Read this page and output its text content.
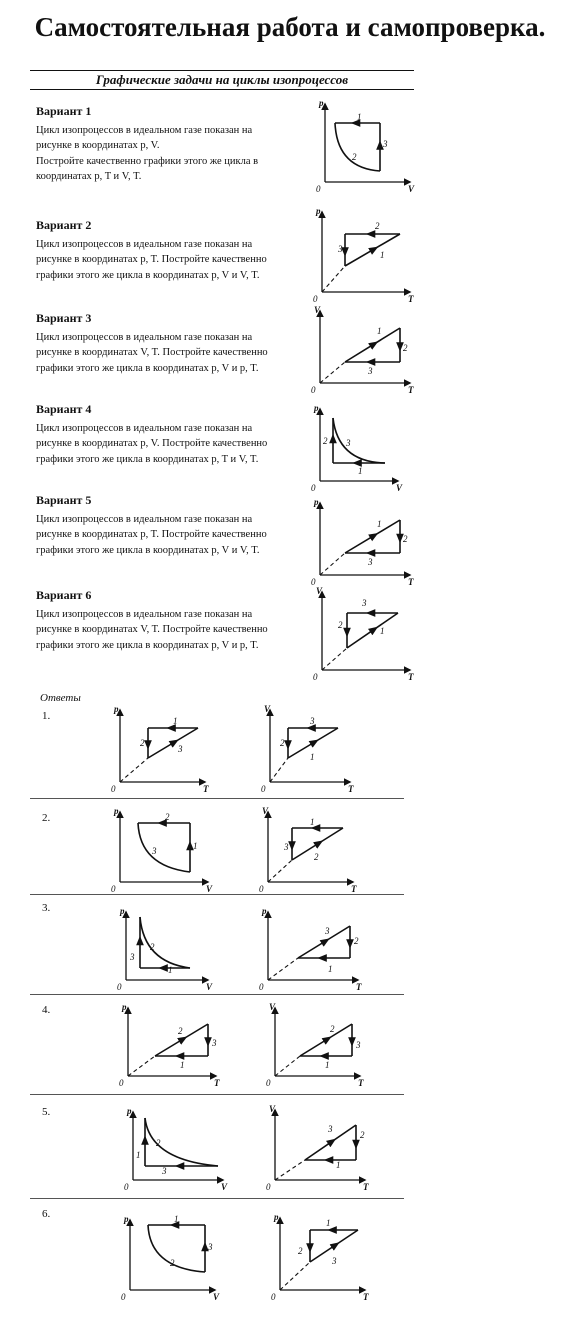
Самостоятельная работа и самопроверка.
Графические задачи на циклы изопроцессов
Вариант 1

Цикл изопроцессов в идеальном газе показан на
рисунке в координатах p, V.
Постройте качественно графики этого же цикла в
координатах p, T и V, T.

Вариант 2

Цикл изопроцессов в идеальном газе показан на
рисунке в координатах p, T. Постройте качественно
графики этого же цикла в координатах p, V и V, T.

Вариант 3

Цикл изопроцессов в идеальном газе показан на
рисунке в координатах V, T. Постройте качественно
графики этого же цикла в координатах p, V и p, T.

Вариант 4

Цикл изопроцессов в идеальном газе показан на
рисунке в координатах p, V. Постройте качественно
графики этого же цикла в координатах p, T и V, T.

Вариант 5

Цикл изопроцессов в идеальном газе показан на
рисунке в координатах p, T. Постройте качественно
графики этого же цикла в координатах p, V и V, T.

Вариант 6

Цикл изопроцессов в идеальном газе показан на
рисунке в координатах V, T. Постройте качественно
графики этого же цикла в координатах p, V и p, T.

Ответы
1.
2.
3.
4.
5.
6.
p
V
0
1
3
2
p
T
0
2
3
1
V
T
0
1
2
3
p
V
0
2 3
1
p
T
0
1
2
3
V
T
0
3
2
1
p
T
0
1
2
3
V
T
0
3
2
1
p
V
0
2
1
3
V
T
0
1
3
2
p
V
0
3
2
1
p
T
0
3
2
1
p
T
0
2
3
1
V
T
0
2
3
1
p
V
0
1
2
3
V
T
0
3
2
1
p
V
0
1
3
2
p
T
0
1
2
3
